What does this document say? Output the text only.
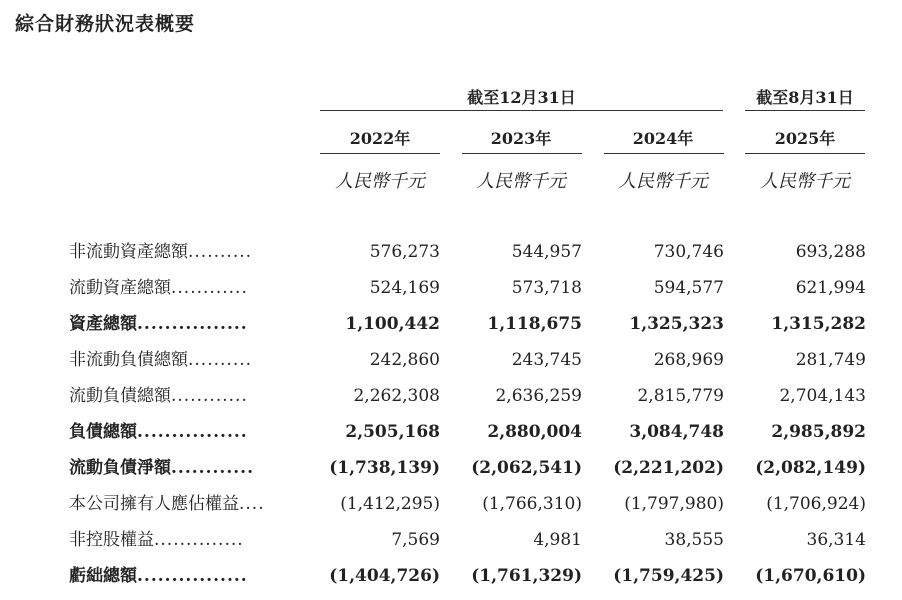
綜合財務狀況表概要
截至12月31日	截至8月31日
2022年	2023年	2024年	2025年
人民幣千元	人民幣千元	人民幣千元	人民幣千元
非流動資產總額..........	576,273	544,957	730,746	693,288
流動資產總額............	524,169	573,718	594,577	621,994
資產總額................	1,100,442	1,118,675	1,325,323	1,315,282
非流動負債總額..........	242,860	243,745	268,969	281,749
流動負債總額............	2,262,308	2,636,259	2,815,779	2,704,143
負債總額................	2,505,168	2,880,004	3,084,748	2,985,892
流動負債淨額............	(1,738,139)	(2,062,541)	(2,221,202)	(2,082,149)
本公司擁有人應佔權益....	(1,412,295)	(1,766,310)	(1,797,980)	(1,706,924)
非控股權益..............	7,569	4,981	38,555	36,314
虧絀總額................	(1,404,726)	(1,761,329)	(1,759,425)	(1,670,610)
